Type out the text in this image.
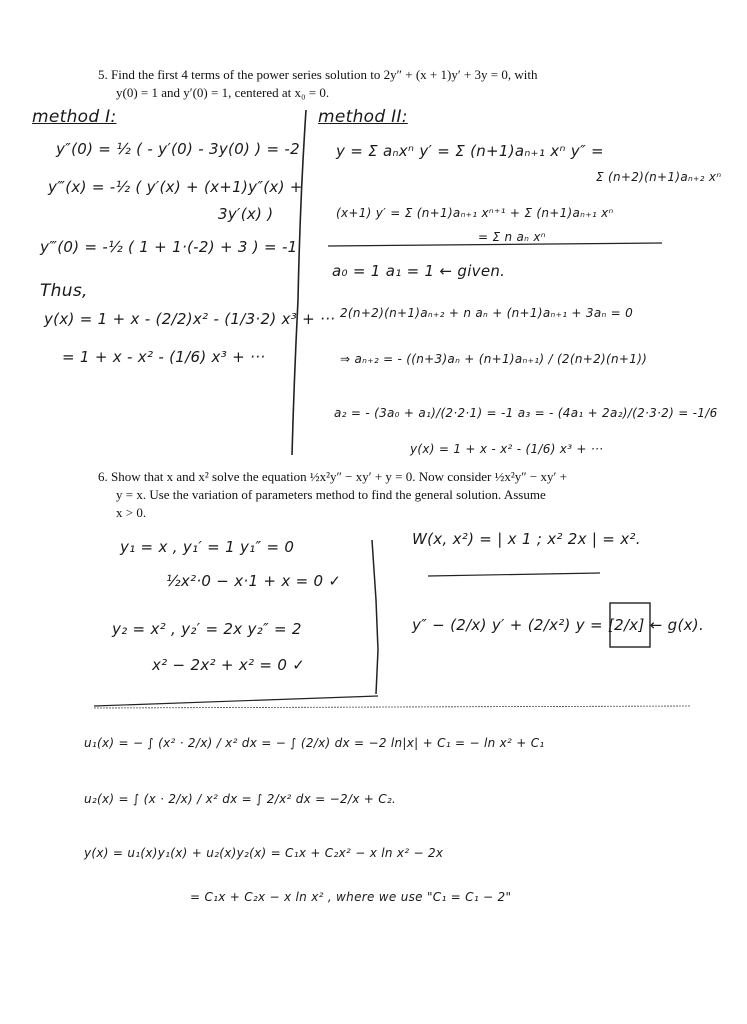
5. Find the first 4 terms of the power series solution to 2y″ + (x + 1)y′ + 3y = 0, with
y(0) = 1 and y′(0) = 1, centered at x₀ = 0.
method I:
y″(0) = ½ ( - y′(0) - 3y(0) ) = -2
y‴(x) = -½ ( y′(x) + (x+1)y″(x) +
3y′(x) )
y‴(0) = -½ ( 1 + 1·(-2) + 3 ) = -1
Thus,
y(x) = 1 + x - (2/2)x² - (1/3·2) x³ + ···
= 1 + x - x² - (1/6) x³ + ···
method II:
y = Σ aₙxⁿ y′ = Σ (n+1)aₙ₊₁ xⁿ y″ =
Σ (n+2)(n+1)aₙ₊₂ xⁿ
(x+1) y′ = Σ (n+1)aₙ₊₁ xⁿ⁺¹ + Σ (n+1)aₙ₊₁ xⁿ
= Σ n aₙ xⁿ
a₀ = 1 a₁ = 1 ← given.
2(n+2)(n+1)aₙ₊₂ + n aₙ + (n+1)aₙ₊₁ + 3aₙ = 0
⇒ aₙ₊₂ = - ((n+3)aₙ + (n+1)aₙ₊₁) / (2(n+2)(n+1))
a₂ = - (3a₀ + a₁)/(2·2·1) = -1 a₃ = - (4a₁ + 2a₂)/(2·3·2) = -1/6
y(x) = 1 + x - x² - (1/6) x³ + ···
6. Show that x and x² solve the equation ½x²y″ − xy′ + y = 0. Now consider ½x²y″ − xy′ +
y = x. Use the variation of parameters method to find the general solution. Assume
x > 0.
y₁ = x , y₁′ = 1 y₁″ = 0
½x²·0 − x·1 + x = 0 ✓
y₂ = x² , y₂′ = 2x y₂″ = 2
x² − 2x² + x² = 0 ✓
W(x, x²) = | x 1 ; x² 2x | = x².
y″ − (2/x) y′ + (2/x²) y = [2/x] ← g(x).
u₁(x) = − ∫ (x² · 2/x) / x² dx = − ∫ (2/x) dx = −2 ln|x| + C₁ = − ln x² + C₁
u₂(x) = ∫ (x · 2/x) / x² dx = ∫ 2/x² dx = −2/x + C₂.
y(x) = u₁(x)y₁(x) + u₂(x)y₂(x) = C₁x + C₂x² − x ln x² − 2x
= C₁x + C₂x − x ln x² , where we use "C₁ = C₁ − 2"
